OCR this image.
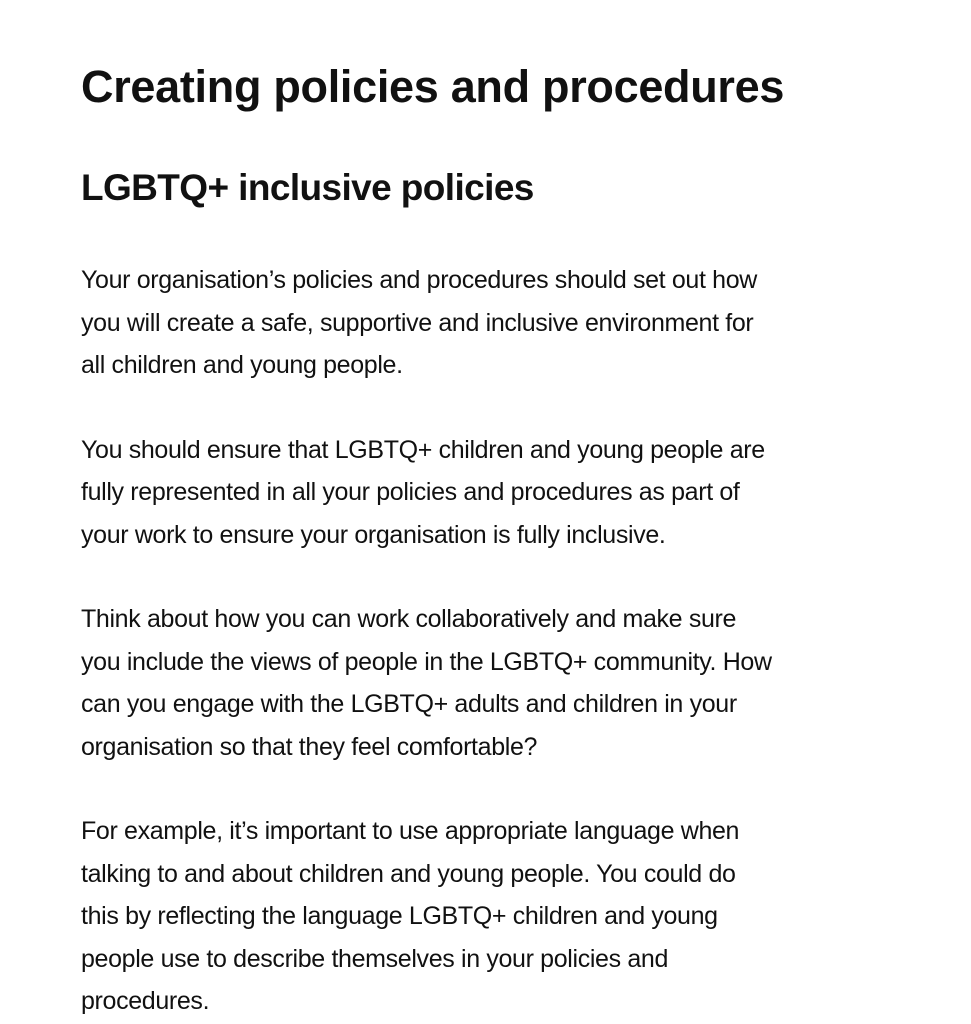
Creating policies and procedures
LGBTQ+ inclusive policies

Your organisation’s policies and procedures should set out how
you will create a safe, supportive and inclusive environment for
all children and young people.

You should ensure that LGBTQ+ children and young people are
fully represented in all your policies and procedures as part of
your work to ensure your organisation is fully inclusive.

Think about how you can work collaboratively and make sure
you include the views of people in the LGBTQ+ community. How
can you engage with the LGBTQ+ adults and children in your
organisation so that they feel comfortable?

For example, it’s important to use appropriate language when
talking to and about children and young people. You could do
this by reflecting the language LGBTQ+ children and young
people use to describe themselves in your policies and
procedures.
